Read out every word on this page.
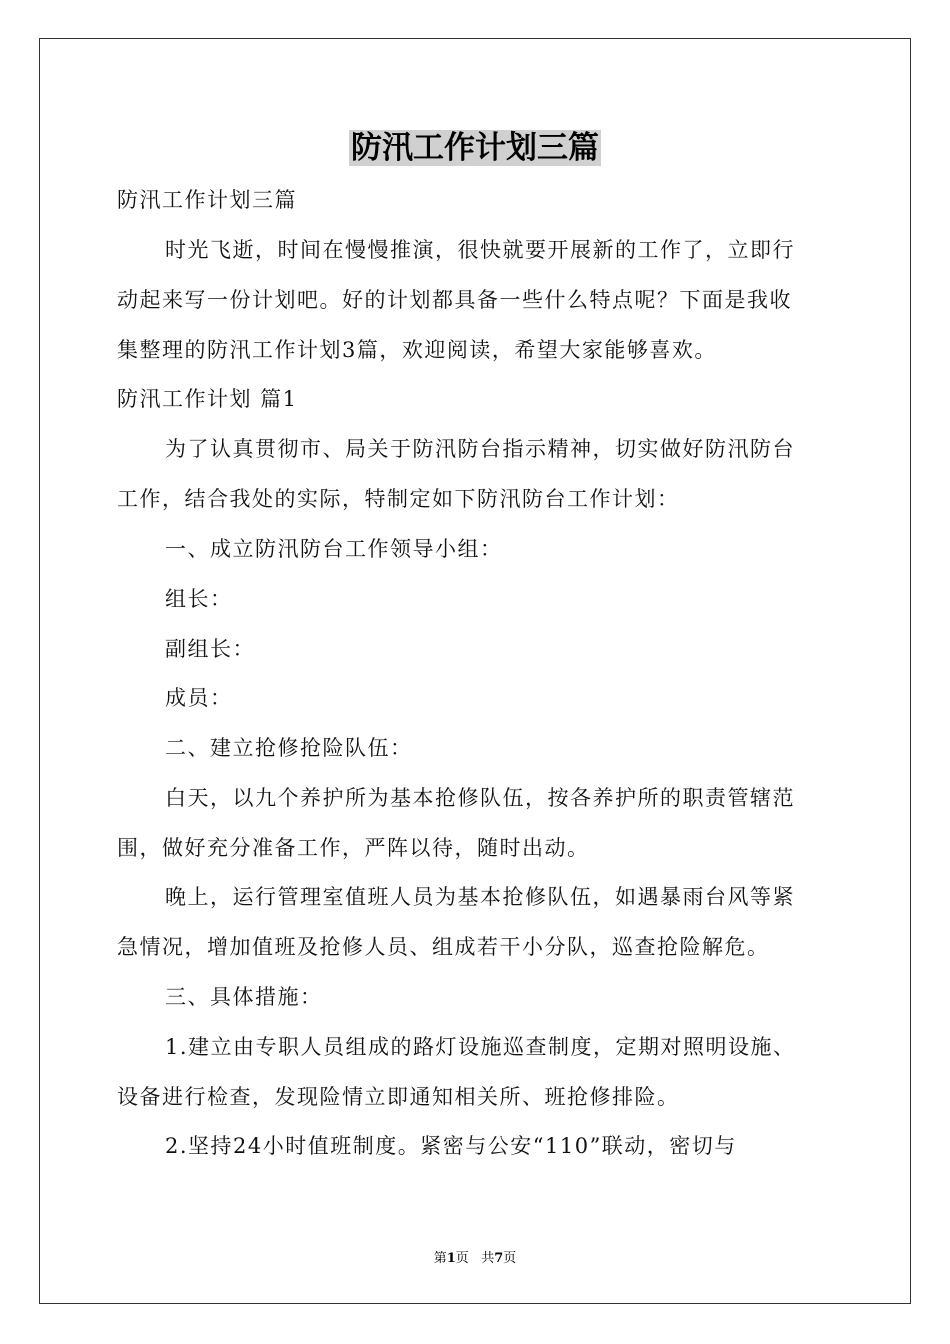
防汛工作计划三篇
防汛工作计划三篇
时光飞逝，时间在慢慢推演，很快就要开展新的工作了，立即行
动起来写一份计划吧。好的计划都具备一些什么特点呢？下面是我收
集整理的防汛工作计划3篇，欢迎阅读，希望大家能够喜欢。
防汛工作计划 篇1
为了认真贯彻市、局关于防汛防台指示精神，切实做好防汛防台
工作，结合我处的实际，特制定如下防汛防台工作计划：
一、成立防汛防台工作领导小组：
组长：
副组长：
成员：
二、建立抢修抢险队伍：
白天，以九个养护所为基本抢修队伍，按各养护所的职责管辖范
围，做好充分准备工作，严阵以待，随时出动。
晚上，运行管理室值班人员为基本抢修队伍，如遇暴雨台风等紧
急情况，增加值班及抢修人员、组成若干小分队，巡查抢险解危。
三、具体措施：
1.建立由专职人员组成的路灯设施巡查制度，定期对照明设施、
设备进行检查，发现险情立即通知相关所、班抢修排险。
2.坚持24小时值班制度。紧密与公安“110”联动，密切与
第1页 共7页
